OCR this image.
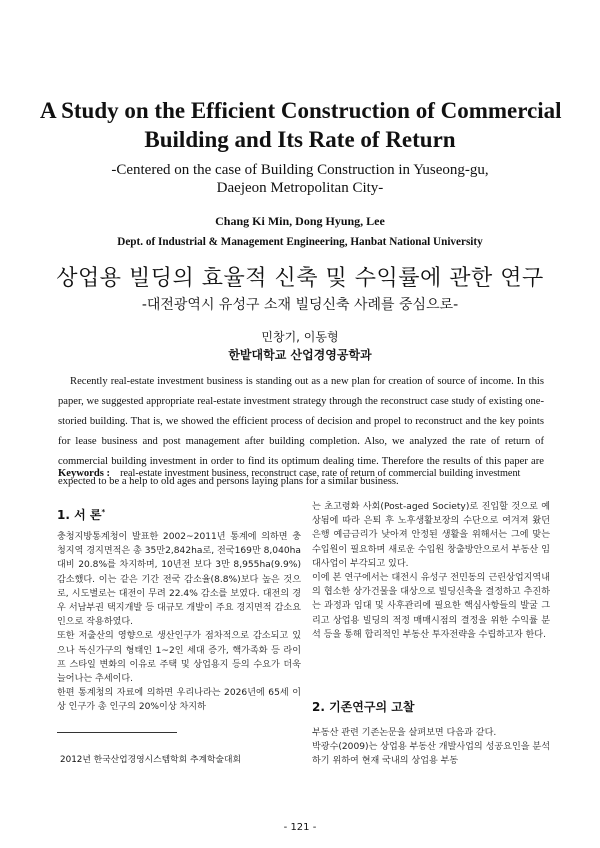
A Study on the Efficient Construction of Commercial
Building and Its Rate of Return
-Centered on the case of Building Construction in Yuseong-gu,
Daejeon Metropolitan City-
Chang Ki Min, Dong Hyung, Lee
Dept. of Industrial & Management Engineering, Hanbat National University
상업용 빌딩의 효율적 신축 및 수익률에 관한 연구
-대전광역시 유성구 소재 빌딩신축 사례를 중심으로-
민창기, 이동형
한밭대학교 산업경영공학과
Recently real-estate investment business is standing out as a new plan for creation of source of income. In this paper, we suggested appropriate real-estate investment strategy through the reconstruct case study of existing one-storied building. That is, we showed the efficient process of decision and propel to reconstruct and the key points for lease business and post management after building completion. Also, we analyzed the rate of return of commercial building investment in order to find its optimum dealing time. Therefore the results of this paper are expected to be a help to old ages and persons laying plans for a similar business.
Keywords : real-estate investment business, reconstruct case, rate of return of commercial building investment
1. 서 론*

충청지방통계청이 발표한 2002~2011년 통계에 의하면 충청지역 경지면적은 총 35만2,842ha로, 전국169만 8,040ha대비 20.8%를 차지하며, 10년전 보다 3만 8,955ha(9.9%)감소했다. 이는 같은 기간 전국 감소율(8.8%)보다 높은 것으로, 시도별로는 대전이 무려 22.4% 감소를 보였다. 대전의 경우 서남부권 택지개발 등 대규모 개발이 주요 경지면적 감소요인으로 작용하였다.

또한 저출산의 영향으로 생산인구가 점차적으로 감소되고 있으나 독신가구의 형태인 1~2인 세대 증가, 핵가족화 등 라이프 스타일 변화의 이유로 주택 및 상업용지 등의 수요가 더욱 늘어나는 추세이다.

한편 통계청의 자료에 의하면 우리나라는 2026년에 65세 이상 인구가 총 인구의 20%이상 차지하

2012년 한국산업경영시스템학회 추계학술대회

는 초고령화 사회(Post-aged Society)로 진입할 것으로 예상됨에 따라 은퇴 후 노후생활보장의 수단으로 여겨져 왔던 은행 예금금리가 낮아져 안정된 생활을 위해서는 그에 맞는 수입원이 필요하며 새로운 수입원 창출방안으로서 부동산 임대사업이 부각되고 있다.

이에 본 연구에서는 대전시 유성구 전민동의 근린상업지역내의 협소한 상가건물을 대상으로 빌딩신축을 결정하고 추진하는 과정과 임대 및 사후관리에 필요한 핵심사항들의 발굴 그리고 상업용 빌딩의 적정 매매시점의 결정을 위한 수익률 분석 등을 통해 합리적인 부동산 투자전략을 수립하고자 한다.

2. 기존연구의 고찰

부동산 관련 기존논문을 살펴보면 다음과 같다.

박광수(2009)는 상업용 부동산 개발사업의 성공요인을 분석하기 위하여 현재 국내의 상업용 부동

- 121 -
